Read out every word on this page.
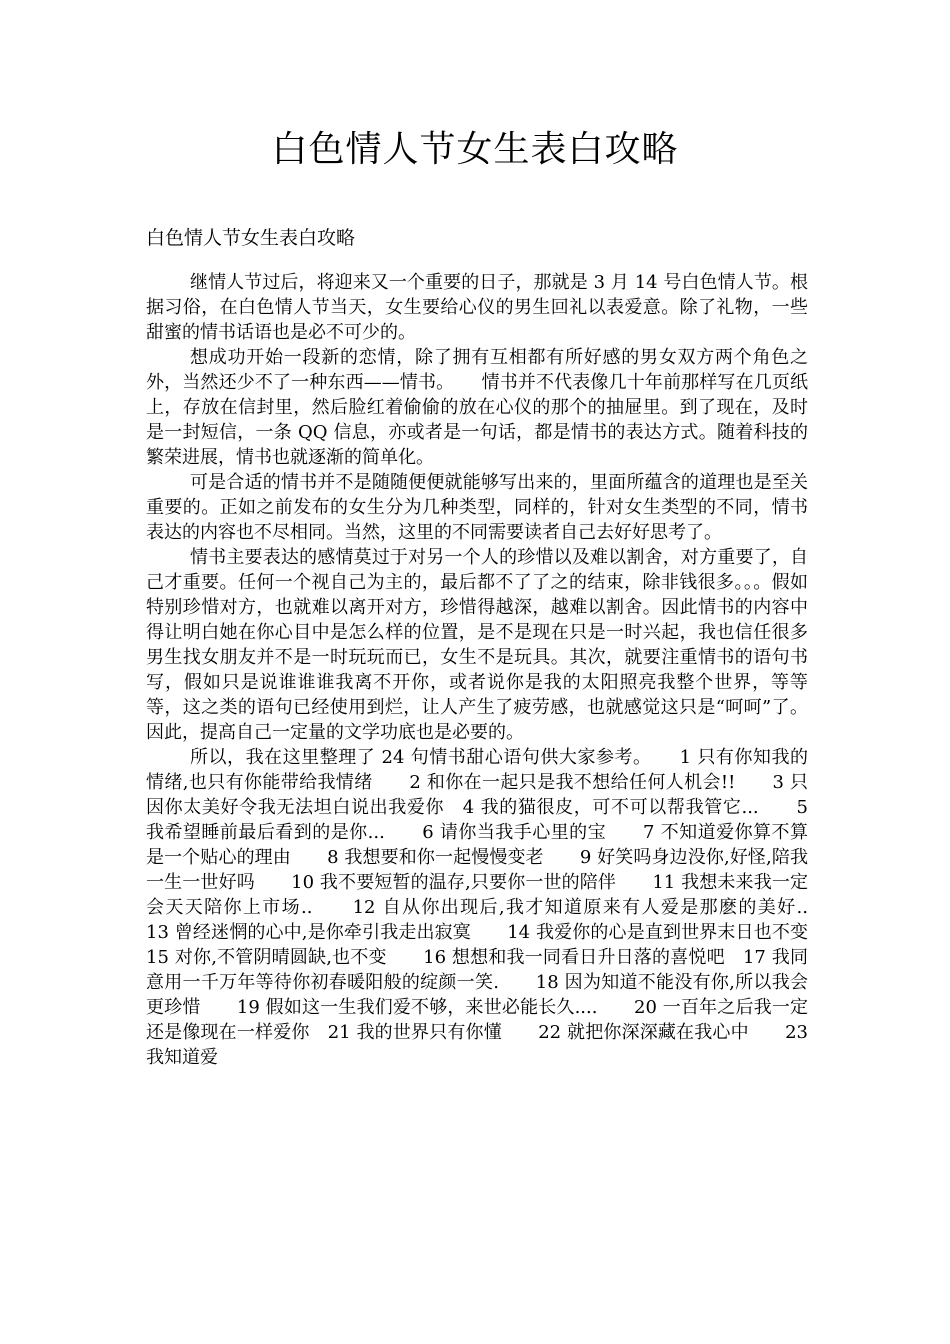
白色情人节女生表白攻略

白色情人节女生表白攻略

继情人节过后，将迎来又一个重要的日子，那就是 3 月 14 号白色情人节。根据习俗，在白色情人节当天，女生要给心仪的男生回礼以表爱意。除了礼物，一些甜蜜的情书话语也是必不可少的。

想成功开始一段新的恋情，除了拥有互相都有所好感的男女双方两个角色之外，当然还少不了一种东西——情书。　　情书并不代表像几十年前那样写在几页纸上，存放在信封里，然后脸红着偷偷的放在心仪的那个的抽屉里。到了现在，及时是一封短信，一条 QQ 信息，亦或者是一句话，都是情书的表达方式。随着科技的繁荣进展，情书也就逐渐的简单化。

可是合适的情书并不是随随便便就能够写出来的，里面所蕴含的道理也是至关重要的。正如之前发布的女生分为几种类型，同样的，针对女生类型的不同，情书表达的内容也不尽相同。当然，这里的不同需要读者自己去好好思考了。

情书主要表达的感情莫过于对另一个人的珍惜以及难以割舍，对方重要了，自己才重要。任何一个视自己为主的，最后都不了了之的结束，除非钱很多。。。假如特别珍惜对方，也就难以离开对方，珍惜得越深，越难以割舍。因此情书的内容中得让明白她在你心目中是怎么样的位置，是不是现在只是一时兴起，我也信任很多男生找女朋友并不是一时玩玩而已，女生不是玩具。其次，就要注重情书的语句书写，假如只是说谁谁谁我离不开你，或者说你是我的太阳照亮我整个世界，等等等，这之类的语句已经使用到烂，让人产生了疲劳感，也就感觉这只是“呵呵”了。因此，提高自己一定量的文学功底也是必要的。

所以，我在这里整理了 24 句情书甜心语句供大家参考。　　1 只有你知我的情绪,也只有你能带给我情绪　　2 和你在一起只是我不想给任何人机会!!　　3 只因你太美好令我无法坦白说出我爱你　4 我的猫很皮，可不可以帮我管它...　　5 我希望睡前最后看到的是你...　　6 请你当我手心里的宝　　7 不知道爱你算不算是一个贴心的理由　　8 我想要和你一起慢慢变老　　9 好笑吗身边没你,好怪,陪我一生一世好吗　　10 我不要短暂的温存,只要你一世的陪伴　　11 我想未来我一定会天天陪你上市场..　　12 自从你出现后,我才知道原来有人爱是那麽的美好..　　13 曾经迷惘的心中,是你牵引我走出寂寞　　14 我爱你的心是直到世界末日也不变　　15 对你,不管阴晴圆缺,也不变　　16 想想和我一同看日升日落的喜悦吧　17 我同意用一千万年等待你初春暖阳般的绽颜一笑.　　18 因为知道不能没有你,所以我会更珍惜　　19 假如这一生我们爱不够，来世必能长久....　　20 一百年之后我一定还是像现在一样爱你　21 我的世界只有你懂　　22 就把你深深藏在我心中　　23 我知道爱
